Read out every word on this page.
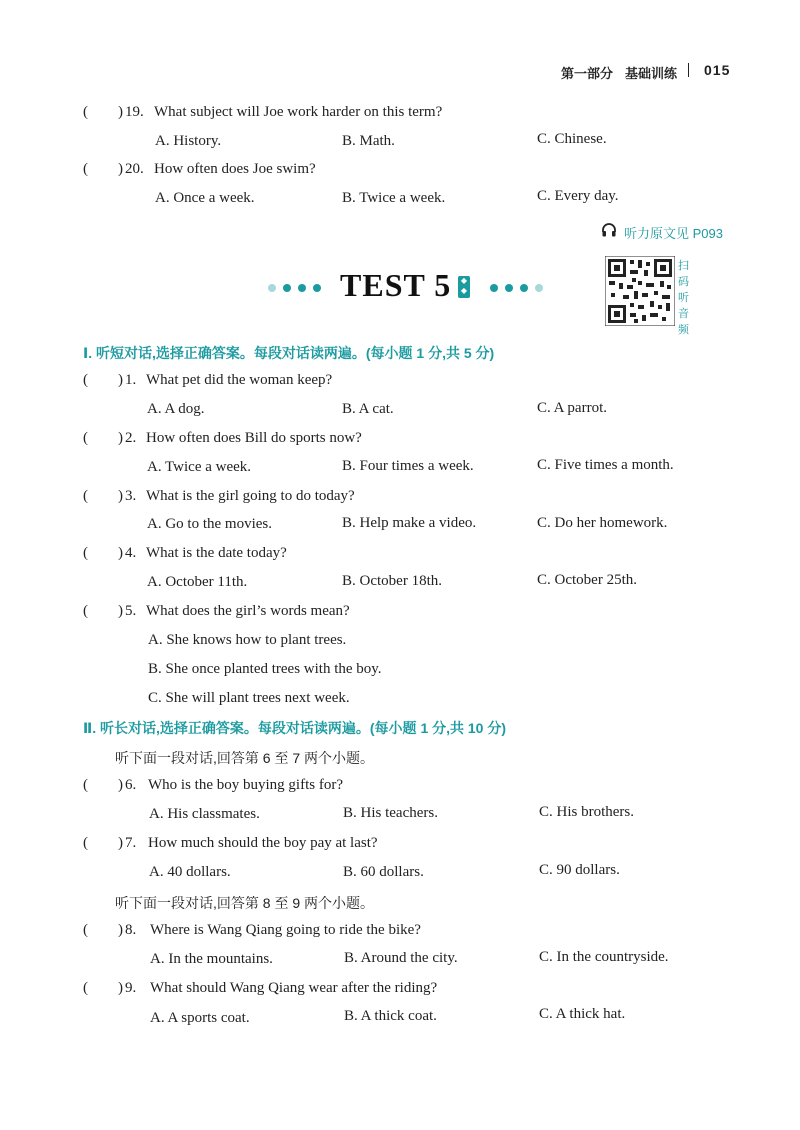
第一部分 基础训练 015
( ) 19. What subject will Joe work harder on this term?
A. History.	B. Math.	C. Chinese.
( ) 20. How often does Joe swim?
A. Once a week.	B. Twice a week.	C. Every day.
听力原文见 P093
TEST 5	◆
◆
扫
码
听
音
频
Ⅰ. 听短对话,选择正确答案。每段对话读两遍。(每小题 1 分,共 5 分)
( ) 1. What pet did the woman keep?
A. A dog.	B. A cat.	C. A parrot.
( ) 2. How often does Bill do sports now?
A. Twice a week.	B. Four times a week.	C. Five times a month.
( ) 3. What is the girl going to do today?
A. Go to the movies.	B. Help make a video.	C. Do her homework.
( ) 4. What is the date today?
A. October 11th.	B. October 18th.	C. October 25th.
( ) 5. What does the girl’s words mean?
A. She knows how to plant trees.
B. She once planted trees with the boy.
C. She will plant trees next week.
Ⅱ. 听长对话,选择正确答案。每段对话读两遍。(每小题 1 分,共 10 分)
听下面一段对话,回答第 6 至 7 两个小题。
( ) 6. Who is the boy buying gifts for?
A. His classmates.	B. His teachers.	C. His brothers.
( ) 7. How much should the boy pay at last?
A. 40 dollars.	B. 60 dollars.	C. 90 dollars.
听下面一段对话,回答第 8 至 9 两个小题。
( ) 8. Where is Wang Qiang going to ride the bike?
A. In the mountains.	B. Around the city.	C. In the countryside.
( ) 9. What should Wang Qiang wear after the riding?
A. A sports coat.	B. A thick coat.	C. A thick hat.
